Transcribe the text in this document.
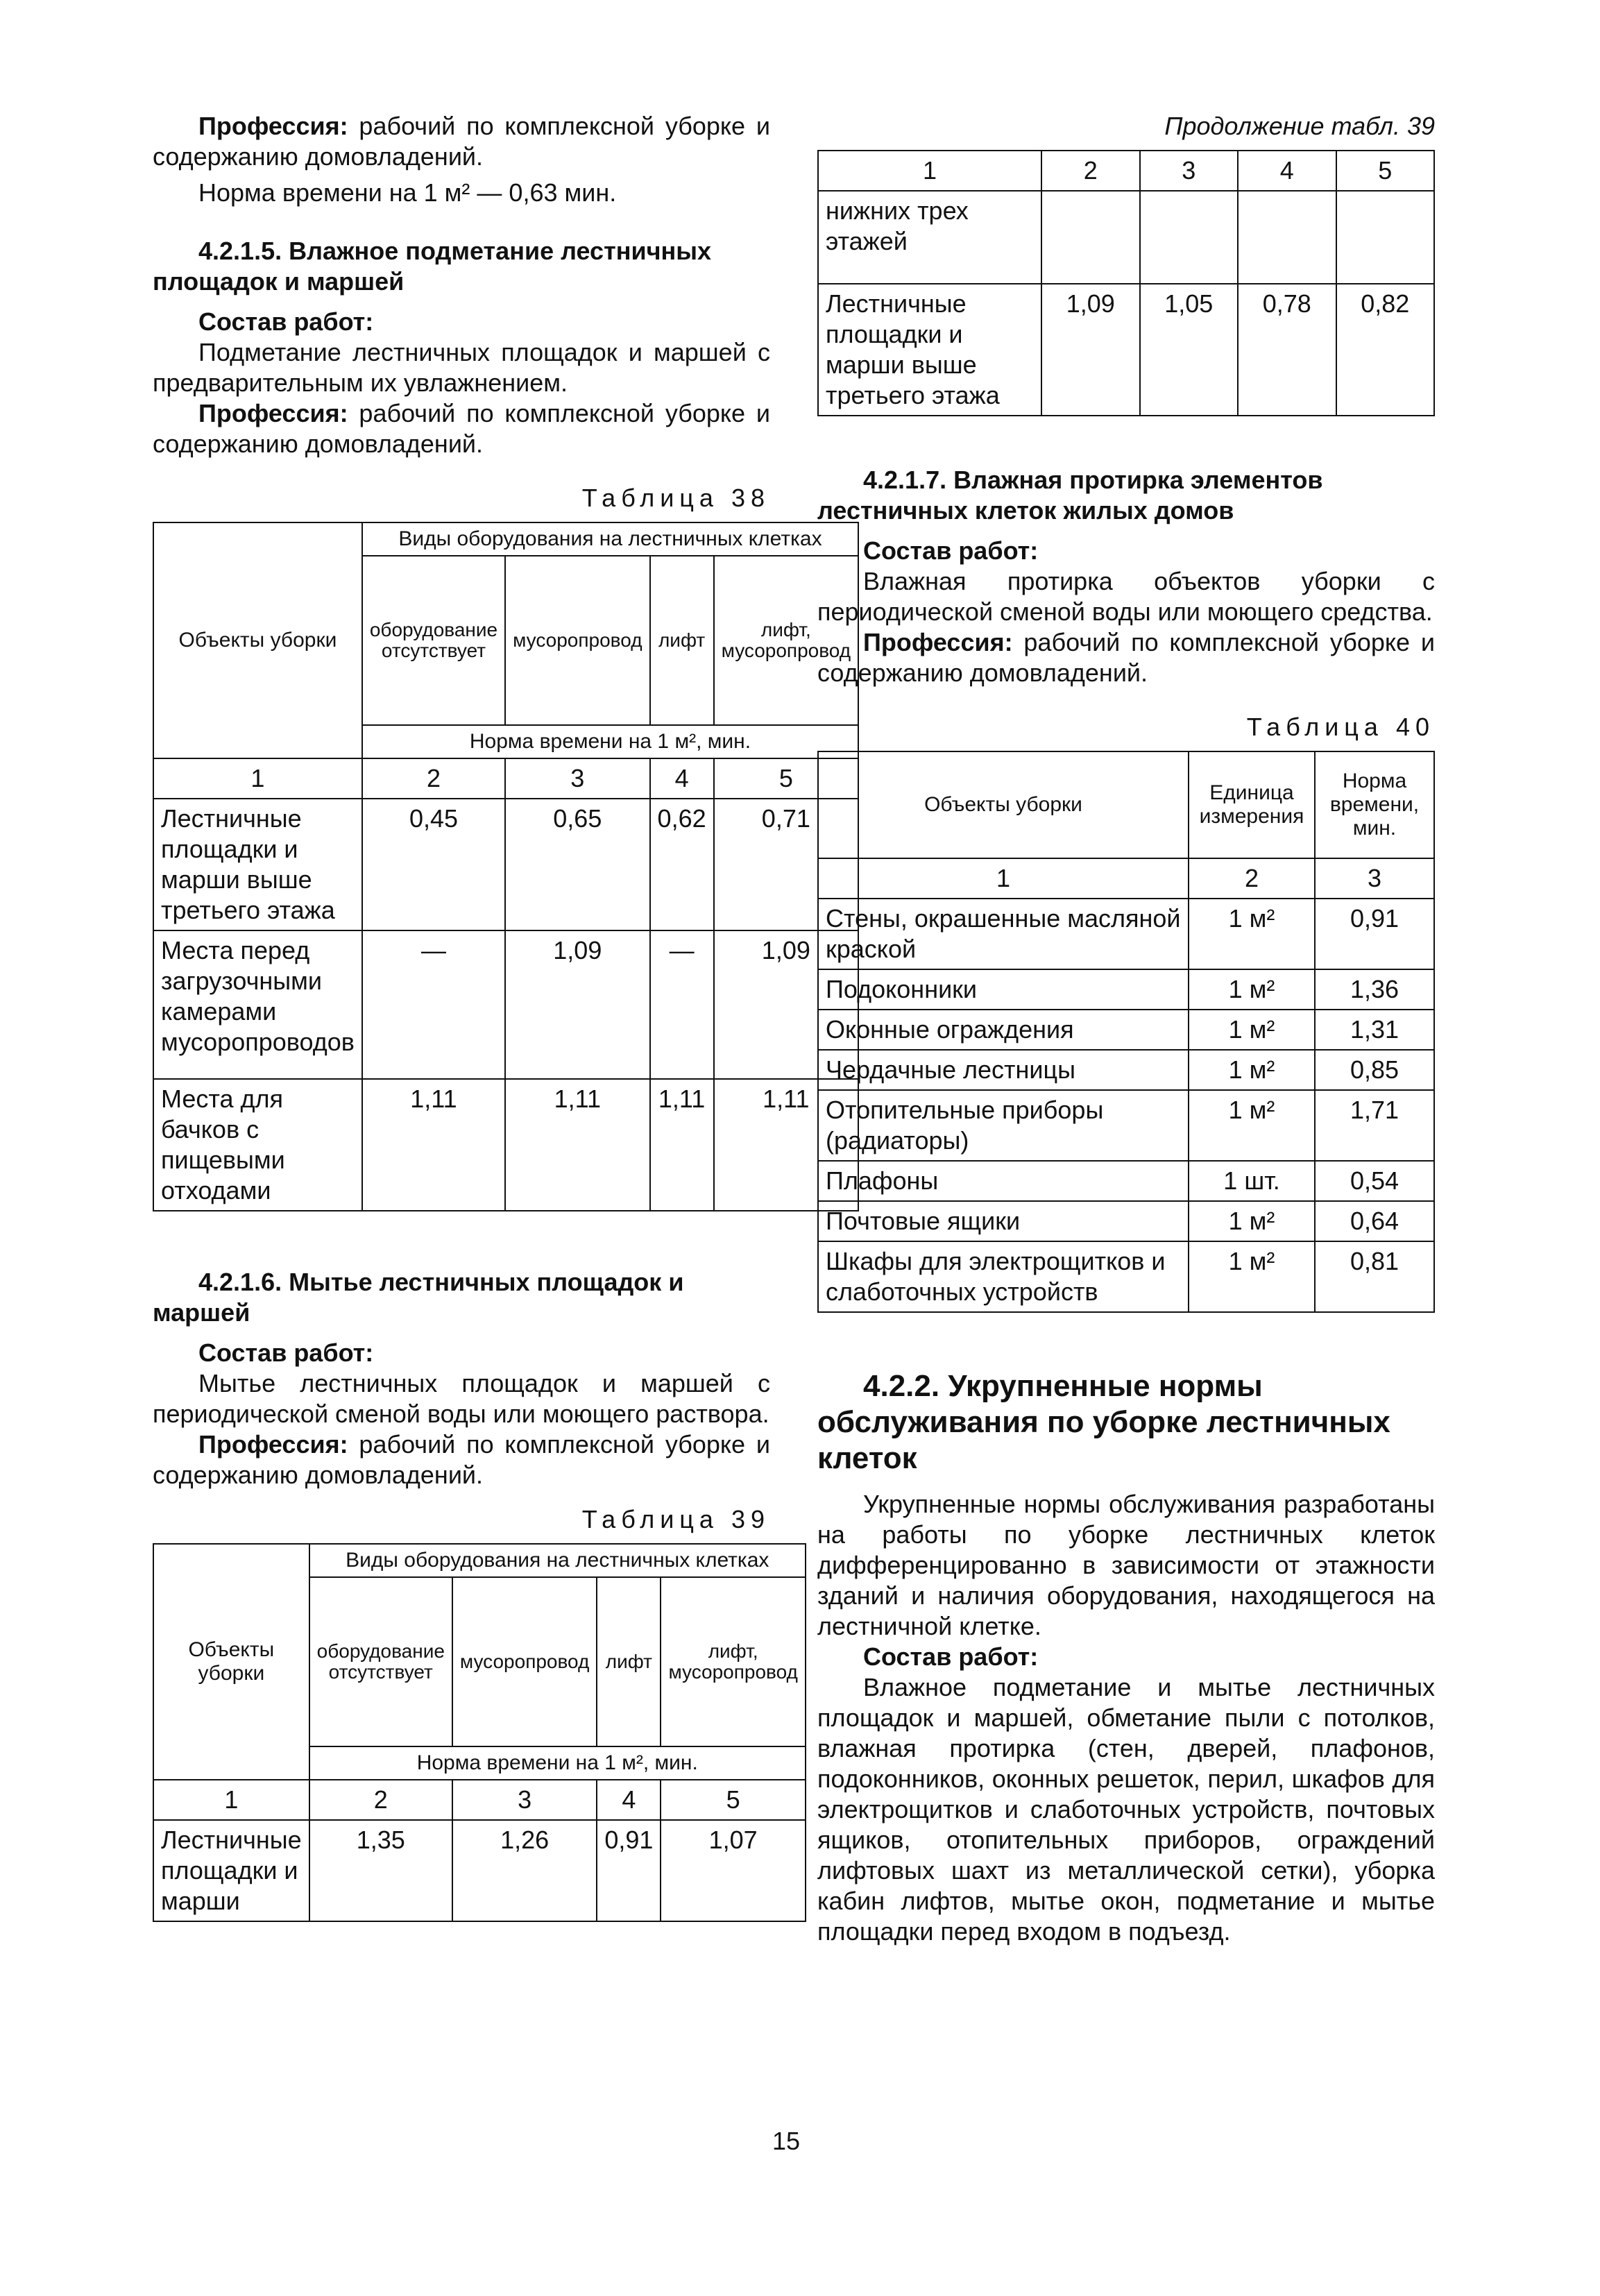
Профессия: рабочий по комплексной уборке и содержанию домовладений.

Норма времени на 1 м² — 0,63 мин.

4.2.1.5. Влажное подметание лестничных площадок и маршей

Состав работ:

Подметание лестничных площадок и маршей с предварительным их увлажнением.

Профессия: рабочий по комплексной уборке и содержанию домовладений.

Таблица 38

Объекты уборки	Виды оборудования на лестничных клетках			
	оборудование отсутствует	мусоропровод	лифт	лифт, мусоропровод
	Норма времени на 1 м², мин.			
1	2	3	4	5
Лестничные площадки и марши выше третьего этажа	0,45	0,65	0,62	0,71
Места перед загрузочными камерами мусоропроводов	—	1,09	—	1,09
Места для бачков с пищевыми отходами	1,11	1,11	1,11	1,11

4.2.1.6. Мытье лестничных площадок и маршей

Состав работ:

Мытье лестничных площадок и маршей с периодической сменой воды или моющего раствора.

Профессия: рабочий по комплексной уборке и содержанию домовладений.

Таблица 39

Объекты уборки	Виды оборудования на лестничных клетках			
	оборудование отсутствует	мусоропровод	лифт	лифт, мусоропровод
	Норма времени на 1 м², мин.			
1	2	3	4	5
Лестничные площадки и марши	1,35	1,26	0,91	1,07

Продолжение табл. 39

1	2	3	4	5
нижних трех этажей				
Лестничные площадки и марши выше третьего этажа	1,09	1,05	0,78	0,82

4.2.1.7. Влажная протирка элементов лестничных клеток жилых домов

Состав работ:

Влажная протирка объектов уборки с периодической сменой воды или моющего средства.

Профессия: рабочий по комплексной уборке и содержанию домовладений.

Таблица 40

Объекты уборки	Единица измерения	Норма времени, мин.
1	2	3
Стены, окрашенные масляной краской	1 м²	0,91
Подоконники	1 м²	1,36
Оконные ограждения	1 м²	1,31
Чердачные лестницы	1 м²	0,85
Отопительные приборы (радиаторы)	1 м²	1,71
Плафоны	1 шт.	0,54
Почтовые ящики	1 м²	0,64
Шкафы для электрощитков и слаботочных устройств	1 м²	0,81

4.2.2. Укрупненные нормы обслуживания по уборке лестничных клеток

Укрупненные нормы обслуживания разработаны на работы по уборке лестничных клеток дифференцированно в зависимости от этажности зданий и наличия оборудования, находящегося на лестничной клетке.

Состав работ:

Влажное подметание и мытье лестничных площадок и маршей, обметание пыли с потолков, влажная протирка (стен, дверей, плафонов, подоконников, оконных решеток, перил, шкафов для электрощитков и слаботочных устройств, почтовых ящиков, отопительных приборов, ограждений лифтовых шахт из металлической сетки), уборка кабин лифтов, мытье окон, подметание и мытье площадки перед входом в подъезд.

15
